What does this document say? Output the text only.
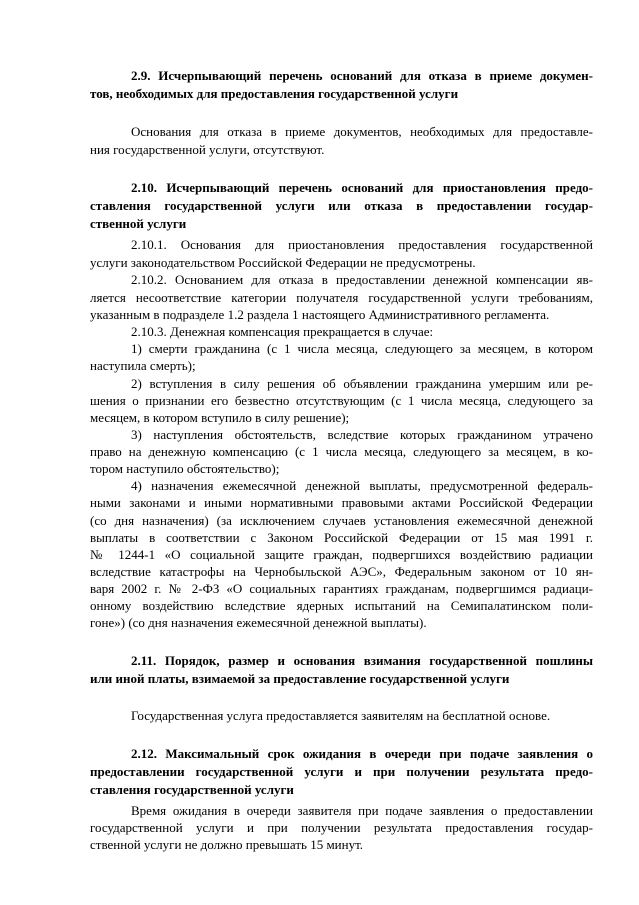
2.9. Исчерпывающий перечень оснований для отказа в приеме докумен-
тов, необходимых для предоставления государственной услуги
Основания для отказа в приеме документов, необходимых для предоставле-
ния государственной услуги, отсутствуют.
2.10. Исчерпывающий перечень оснований для приостановления предо-
ставления государственной услуги или отказа в предоставлении государ-
ственной услуги
2.10.1. Основания для приостановления предоставления государственной
услуги законодательством Российской Федерации не предусмотрены.
2.10.2. Основанием для отказа в предоставлении денежной компенсации яв-
ляется несоответствие категории получателя государственной услуги требованиям,
указанным в подразделе 1.2 раздела 1 настоящего Административного регламента.
2.10.3. Денежная компенсация прекращается в случае:
1) смерти гражданина (с 1 числа месяца, следующего за месяцем, в котором
наступила смерть);
2) вступления в силу решения об объявлении гражданина умершим или ре-
шения о признании его безвестно отсутствующим (с 1 числа месяца, следующего за
месяцем, в котором вступило в силу решение);
3) наступления обстоятельств, вследствие которых гражданином утрачено
право на денежную компенсацию (с 1 числа месяца, следующего за месяцем, в ко-
тором наступило обстоятельство);
4) назначения ежемесячной денежной выплаты, предусмотренной федераль-
ными законами и иными нормативными правовыми актами Российской Федерации
(со дня назначения) (за исключением случаев установления ежемесячной денежной
выплаты в соответствии с Законом Российской Федерации от 15 мая 1991 г.
№ 1244-1 «О социальной защите граждан, подвергшихся воздействию радиации
вследствие катастрофы на Чернобыльской АЭС», Федеральным законом от 10 ян-
варя 2002 г. № 2-ФЗ «О социальных гарантиях гражданам, подвергшимся радиаци-
онному воздействию вследствие ядерных испытаний на Семипалатинском поли-
гоне») (со дня назначения ежемесячной денежной выплаты).
2.11. Порядок, размер и основания взимания государственной пошлины
или иной платы, взимаемой за предоставление государственной услуги
Государственная услуга предоставляется заявителям на бесплатной основе.
2.12. Максимальный срок ожидания в очереди при подаче заявления о
предоставлении государственной услуги и при получении результата предо-
ставления государственной услуги
Время ожидания в очереди заявителя при подаче заявления о предоставлении
государственной услуги и при получении результата предоставления государ-
ственной услуги не должно превышать 15 минут.
